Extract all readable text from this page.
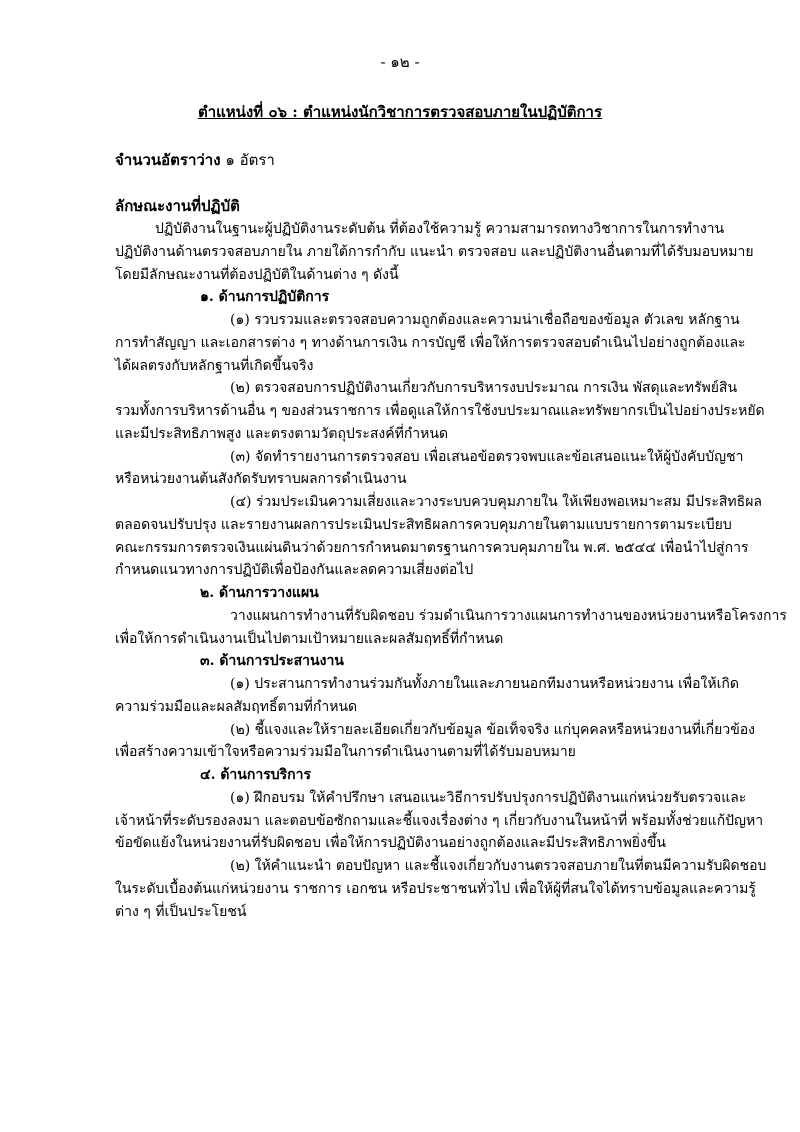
- ๑๒ -
ตำแหน่งที่ ๐๖ : ตำแหน่งนักวิชาการตรวจสอบภายในปฏิบัติการ
จำนวนอัตราว่าง ๑ อัตรา
ลักษณะงานที่ปฏิบัติ
ปฏิบัติงานในฐานะผู้ปฏิบัติงานระดับต้น ที่ต้องใช้ความรู้ ความสามารถทางวิชาการในการทำงาน
ปฏิบัติงานด้านตรวจสอบภายใน ภายใต้การกำกับ แนะนำ ตรวจสอบ และปฏิบัติงานอื่นตามที่ได้รับมอบหมาย
โดยมีลักษณะงานที่ต้องปฏิบัติในด้านต่าง ๆ ดังนี้
๑. ด้านการปฏิบัติการ
(๑) รวบรวมและตรวจสอบความถูกต้องและความน่าเชื่อถือของข้อมูล ตัวเลข หลักฐาน
การทำสัญญา และเอกสารต่าง ๆ ทางด้านการเงิน การบัญชี เพื่อให้การตรวจสอบดำเนินไปอย่างถูกต้องและ
ได้ผลตรงกับหลักฐานที่เกิดขึ้นจริง
(๒) ตรวจสอบการปฏิบัติงานเกี่ยวกับการบริหารงบประมาณ การเงิน พัสดุและทรัพย์สิน
รวมทั้งการบริหารด้านอื่น ๆ ของส่วนราชการ เพื่อดูแลให้การใช้งบประมาณและทรัพยากรเป็นไปอย่างประหยัด
และมีประสิทธิภาพสูง และตรงตามวัตถุประสงค์ที่กำหนด
(๓) จัดทำรายงานการตรวจสอบ เพื่อเสนอข้อตรวจพบและข้อเสนอแนะให้ผู้บังคับบัญชา
หรือหน่วยงานต้นสังกัดรับทราบผลการดำเนินงาน
(๔) ร่วมประเมินความเสี่ยงและวางระบบควบคุมภายใน ให้เพียงพอเหมาะสม มีประสิทธิผล
ตลอดจนปรับปรุง และรายงานผลการประเมินประสิทธิผลการควบคุมภายในตามแบบรายการตามระเบียบ
คณะกรรมการตรวจเงินแผ่นดินว่าด้วยการกำหนดมาตรฐานการควบคุมภายใน พ.ศ. ๒๕๔๔ เพื่อนำไปสู่การ
กำหนดแนวทางการปฏิบัติเพื่อป้องกันและลดความเสี่ยงต่อไป
๒. ด้านการวางแผน
วางแผนการทำงานที่รับผิดชอบ ร่วมดำเนินการวางแผนการทำงานของหน่วยงานหรือโครงการ
เพื่อให้การดำเนินงานเป็นไปตามเป้าหมายและผลสัมฤทธิ์ที่กำหนด
๓. ด้านการประสานงาน
(๑) ประสานการทำงานร่วมกันทั้งภายในและภายนอกทีมงานหรือหน่วยงาน เพื่อให้เกิด
ความร่วมมือและผลสัมฤทธิ์ตามที่กำหนด
(๒) ชี้แจงและให้รายละเอียดเกี่ยวกับข้อมูล ข้อเท็จจริง แก่บุคคลหรือหน่วยงานที่เกี่ยวข้อง
เพื่อสร้างความเข้าใจหรือความร่วมมือในการดำเนินงานตามที่ได้รับมอบหมาย
๔. ด้านการบริการ
(๑) ฝึกอบรม ให้คำปรึกษา เสนอแนะวิธีการปรับปรุงการปฏิบัติงานแก่หน่วยรับตรวจและ
เจ้าหน้าที่ระดับรองลงมา และตอบข้อซักถามและชี้แจงเรื่องต่าง ๆ เกี่ยวกับงานในหน้าที่ พร้อมทั้งช่วยแก้ปัญหา
ข้อขัดแย้งในหน่วยงานที่รับผิดชอบ เพื่อให้การปฏิบัติงานอย่างถูกต้องและมีประสิทธิภาพยิ่งขึ้น
(๒) ให้คำแนะนำ ตอบปัญหา และชี้แจงเกี่ยวกับงานตรวจสอบภายในที่ตนมีความรับผิดชอบ
ในระดับเบื้องต้นแก่หน่วยงาน ราชการ เอกชน หรือประชาชนทั่วไป เพื่อให้ผู้ที่สนใจได้ทราบข้อมูลและความรู้
ต่าง ๆ ที่เป็นประโยชน์
